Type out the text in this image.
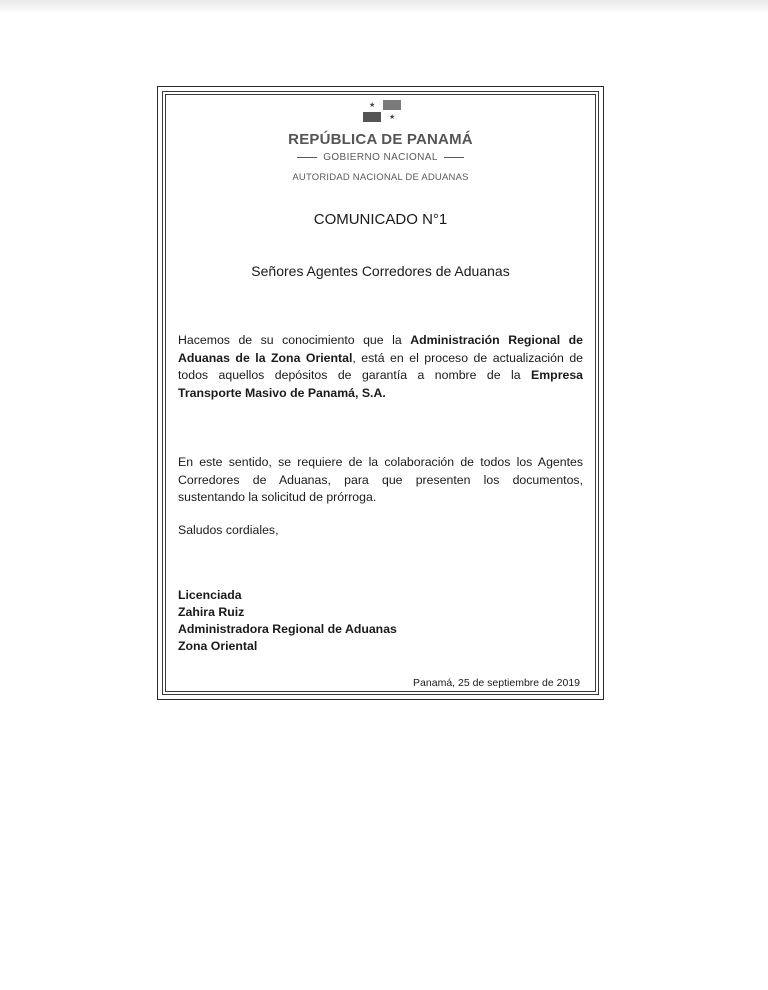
★
★
REPÚBLICA DE PANAMÁ
GOBIERNO NACIONAL
AUTORIDAD NACIONAL DE ADUANAS
COMUNICADO N°1
Señores Agentes Corredores de Aduanas
Hacemos de su conocimiento que la Administración Regional de Aduanas de la Zona Oriental, está en el proceso de actualización de todos aquellos depósitos de garantía a nombre de la Empresa Transporte Masivo de Panamá, S.A.
En este sentido, se requiere de la colaboración de todos los Agentes Corredores de Aduanas, para que presenten los documentos, sustentando la solicitud de prórroga.
Saludos cordiales,
Licenciada
Zahira Ruiz
Administradora Regional de Aduanas
Zona Oriental
Panamá, 25 de septiembre de 2019
